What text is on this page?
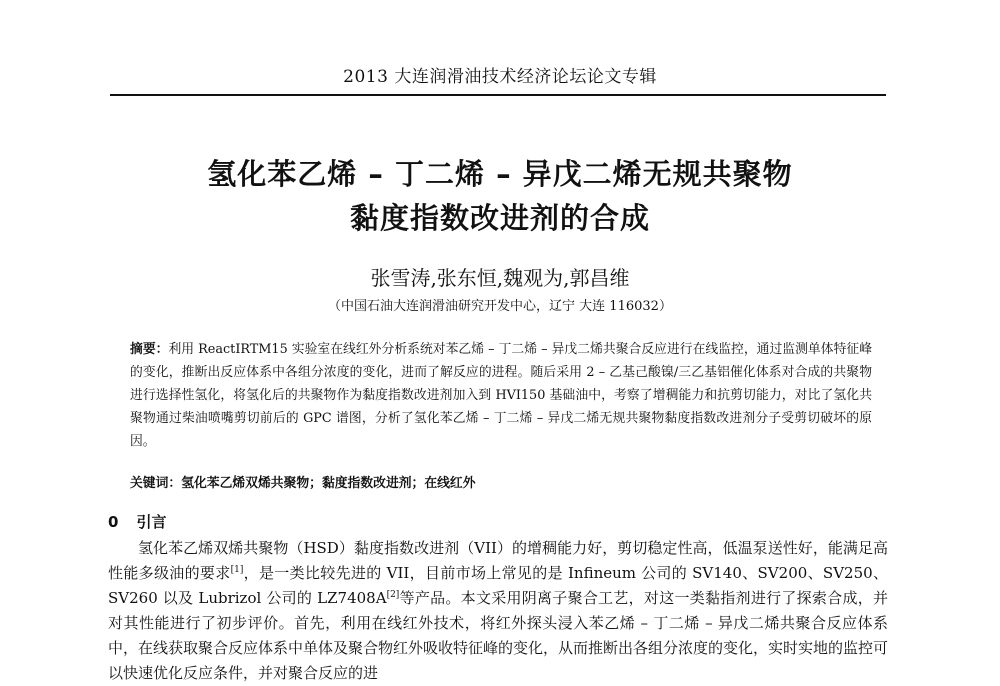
2013 大连润滑油技术经济论坛论文专辑
氢化苯乙烯 – 丁二烯 – 异戊二烯无规共聚物
黏度指数改进剂的合成
张雪涛,张东恒,魏观为,郭昌维
（中国石油大连润滑油研究开发中心，辽宁 大连 116032）
摘要：利用 ReactIRTM15 实验室在线红外分析系统对苯乙烯 – 丁二烯 – 异戊二烯共聚合反应进行在线监控，通过监测单体特征峰的变化，推断出反应体系中各组分浓度的变化，进而了解反应的进程。随后采用 2 – 乙基己酸镍/三乙基铝催化体系对合成的共聚物进行选择性氢化，将氢化后的共聚物作为黏度指数改进剂加入到 HVI150 基础油中，考察了增稠能力和抗剪切能力，对比了氢化共聚物通过柴油喷嘴剪切前后的 GPC 谱图，分析了氢化苯乙烯 – 丁二烯 – 异戊二烯无规共聚物黏度指数改进剂分子受剪切破坏的原因。
关键词：氢化苯乙烯双烯共聚物；黏度指数改进剂；在线红外
0 引言
氢化苯乙烯双烯共聚物（HSD）黏度指数改进剂（VII）的增稠能力好，剪切稳定性高，低温泵送性好，能满足高性能多级油的要求[1]，是一类比较先进的 VII，目前市场上常见的是 Infineum 公司的 SV140、SV200、SV250、SV260 以及 Lubrizol 公司的 LZ7408A[2]等产品。本文采用阴离子聚合工艺，对这一类黏指剂进行了探索合成，并对其性能进行了初步评价。首先，利用在线红外技术，将红外探头浸入苯乙烯 – 丁二烯 – 异戊二烯共聚合反应体系中，在线获取聚合反应体系中单体及聚合物红外吸收特征峰的变化，从而推断出各组分浓度的变化，实时实地的监控可以快速优化反应条件，并对聚合反应的进
